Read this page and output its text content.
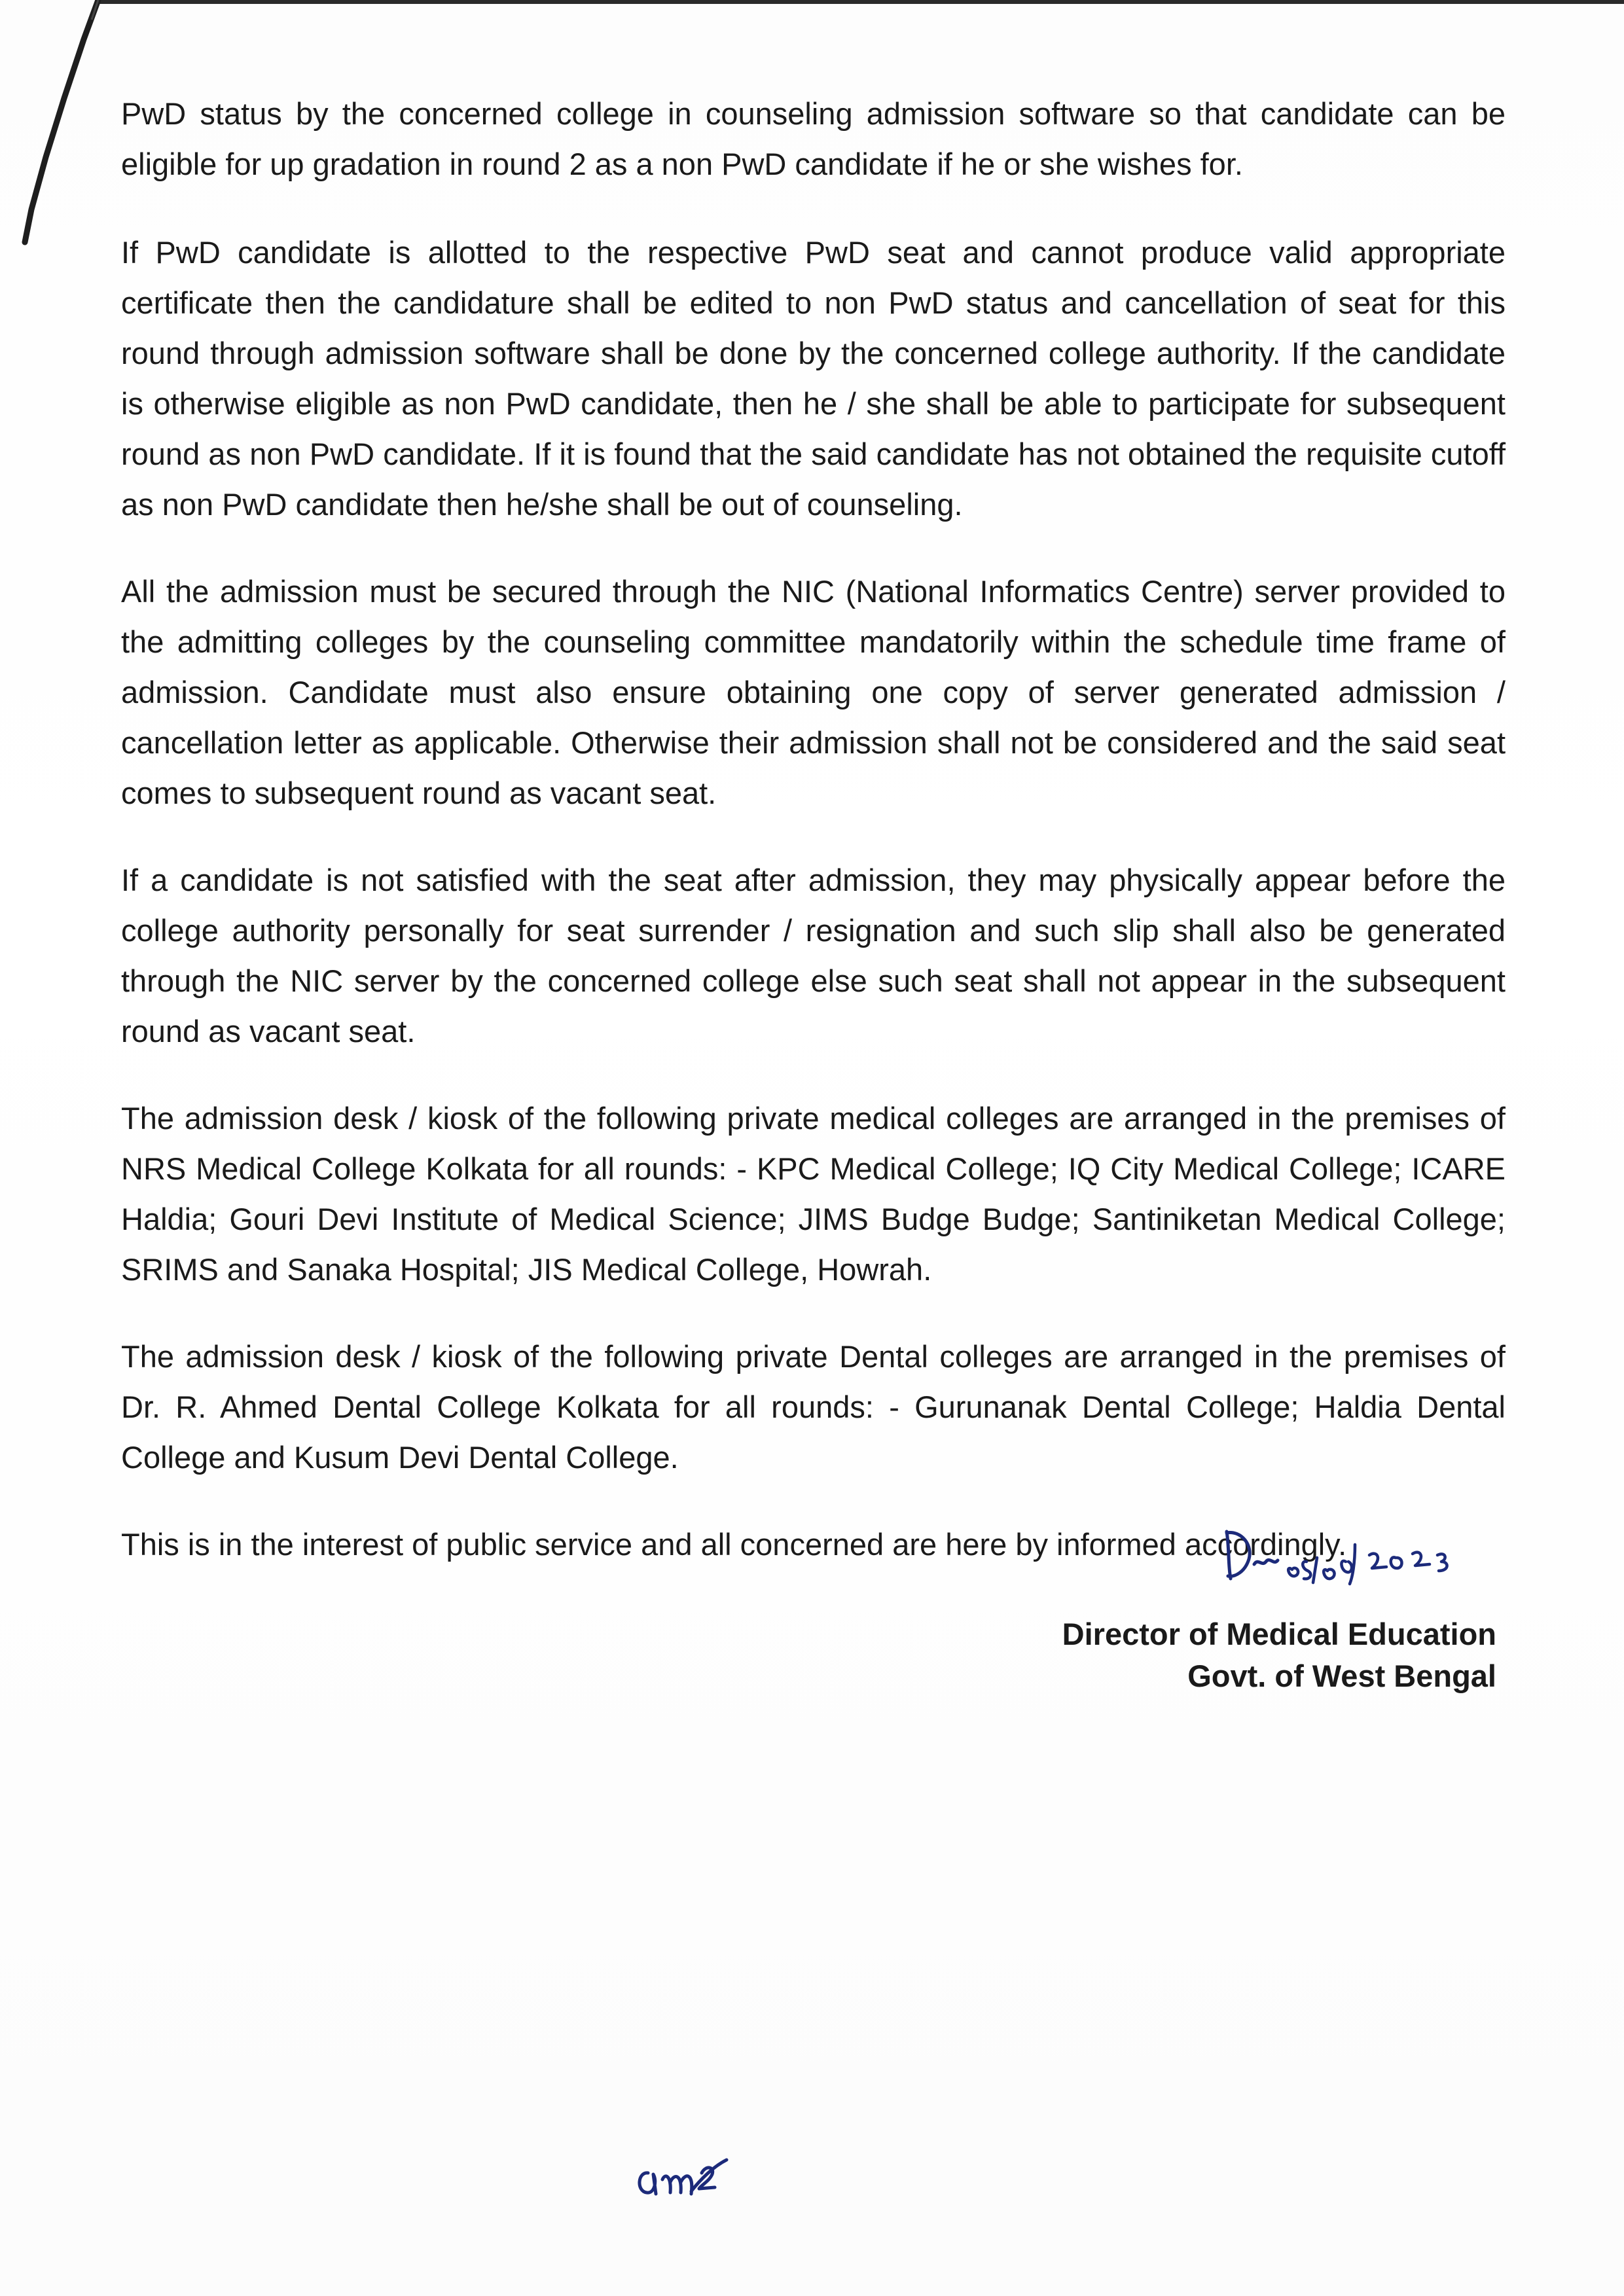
PwD status by the concerned college in counseling admission software so that candidate can be eligible for up gradation in round 2 as a non PwD candidate if he or she wishes for.

If PwD candidate is allotted to the respective PwD seat and cannot produce valid appropriate certificate then the candidature shall be edited to non PwD status and cancellation of seat for this round through admission software shall be done by the concerned college authority. If the candidate is otherwise eligible as non PwD candidate, then he / she shall be able to participate for subsequent round as non PwD candidate. If it is found that the said candidate has not obtained the requisite cutoff as non PwD candidate then he/she shall be out of counseling.

All the admission must be secured through the NIC (National Informatics Centre) server provided to the admitting colleges by the counseling committee mandatorily within the schedule time frame of admission. Candidate must also ensure obtaining one copy of server generated admission / cancellation letter as applicable. Otherwise their admission shall not be considered and the said seat comes to subsequent round as vacant seat.

If a candidate is not satisfied with the seat after admission, they may physically appear before the college authority personally for seat surrender / resignation and such slip shall also be generated through the NIC server by the concerned college else such seat shall not appear in the subsequent round as vacant seat.

The admission desk / kiosk of the following private medical colleges are arranged in the premises of NRS Medical College Kolkata for all rounds: - KPC Medical College; IQ City Medical College; ICARE Haldia; Gouri Devi Institute of Medical Science; JIMS Budge Budge; Santiniketan Medical College; SRIMS and Sanaka Hospital; JIS Medical College, Howrah.

The admission desk / kiosk of the following private Dental colleges are arranged in the premises of Dr. R. Ahmed Dental College Kolkata for all rounds: - Gurunanak Dental College; Haldia Dental College and Kusum Devi Dental College.

This is in the interest of public service and all concerned are here by informed accordingly.

Director of Medical Education

Govt. of West Bengal
